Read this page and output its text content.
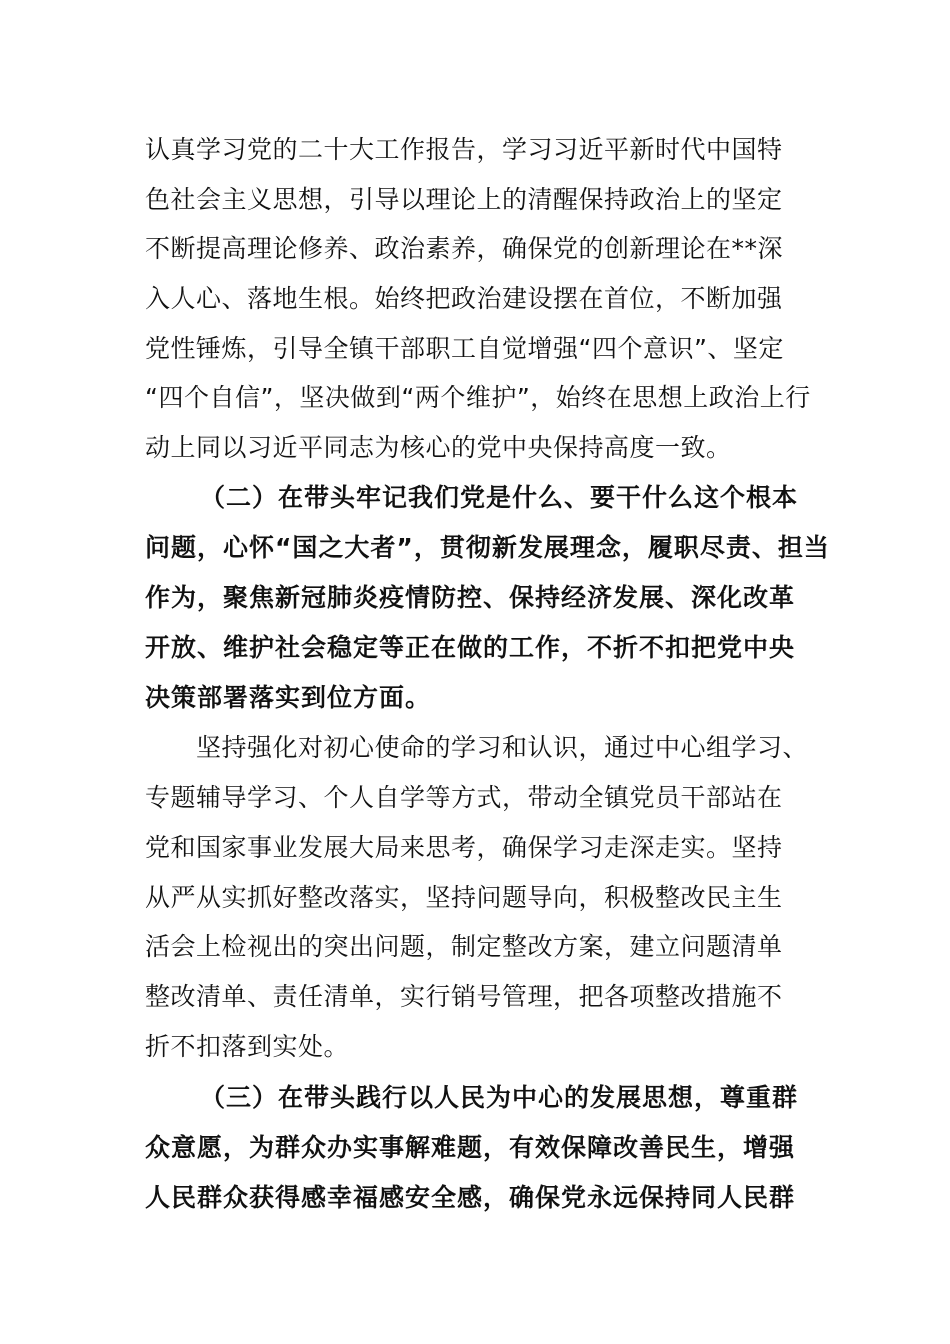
认真学习党的二十大工作报告，学习习近平新时代中国特
色社会主义思想，引导以理论上的清醒保持政治上的坚定
不断提高理论修养、政治素养，确保党的创新理论在**深
入人心、落地生根。始终把政治建设摆在首位，不断加强
党性锤炼，引导全镇干部职工自觉增强“四个意识”、坚定
“四个自信”，坚决做到“两个维护”，始终在思想上政治上行
动上同以习近平同志为核心的党中央保持高度一致。
（二）在带头牢记我们党是什么、要干什么这个根本
问题，心怀“国之大者”，贯彻新发展理念，履职尽责、担当
作为，聚焦新冠肺炎疫情防控、保持经济发展、深化改革
开放、维护社会稳定等正在做的工作，不折不扣把党中央
决策部署落实到位方面。
坚持强化对初心使命的学习和认识，通过中心组学习、
专题辅导学习、个人自学等方式，带动全镇党员干部站在
党和国家事业发展大局来思考，确保学习走深走实。坚持
从严从实抓好整改落实，坚持问题导向，积极整改民主生
活会上检视出的突出问题，制定整改方案，建立问题清单
整改清单、责任清单，实行销号管理，把各项整改措施不
折不扣落到实处。
（三）在带头践行以人民为中心的发展思想，尊重群
众意愿，为群众办实事解难题，有效保障改善民生，增强
人民群众获得感幸福感安全感，确保党永远保持同人民群
